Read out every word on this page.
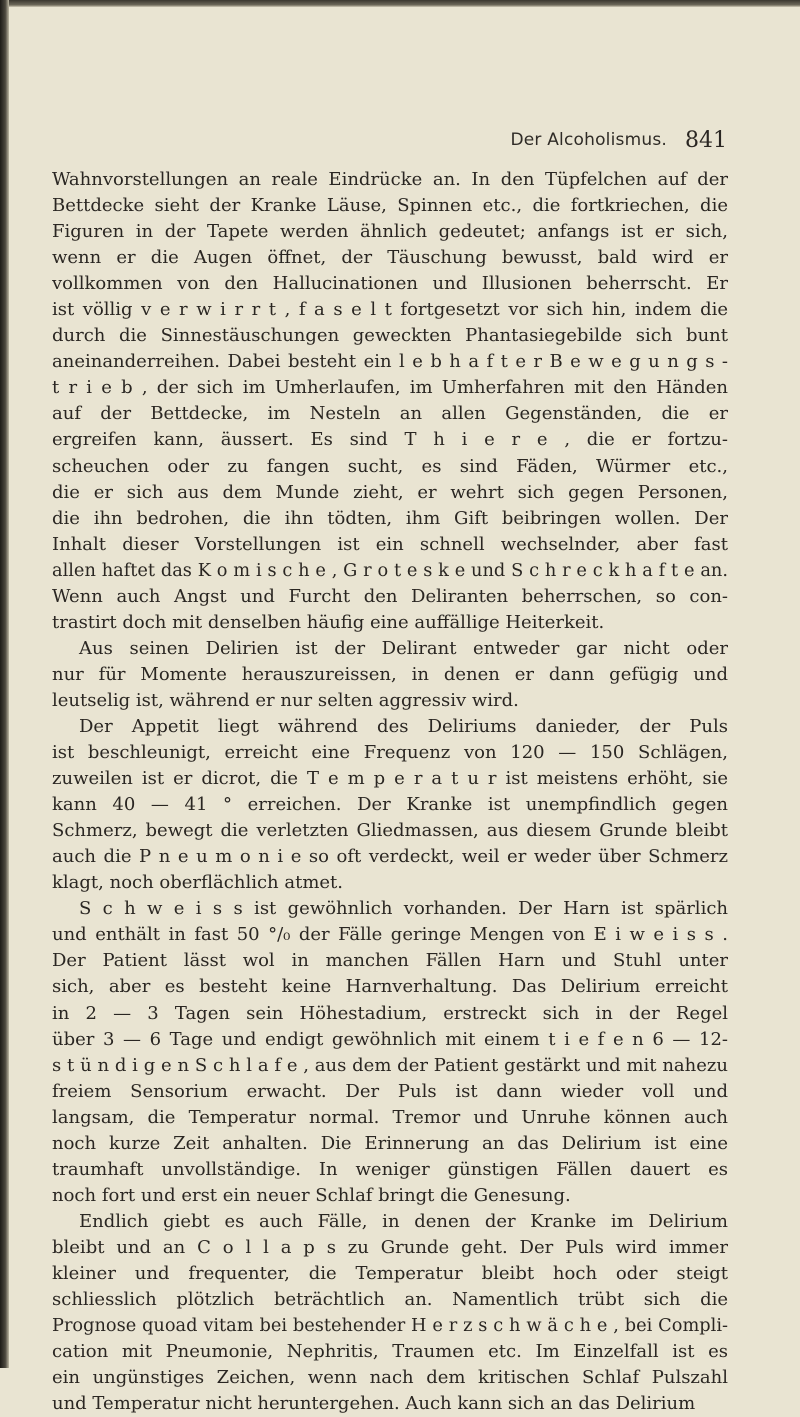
Der Alcoholismus. 841
Wahnvorstellungen an reale Eindrücke an. In den Tüpfelchen auf der
Bettdecke sieht der Kranke Läuse, Spinnen etc., die fortkriechen, die
Figuren in der Tapete werden ähnlich gedeutet; anfangs ist er sich,
wenn er die Augen öffnet, der Täuschung bewusst, bald wird er
vollkommen von den Hallucinationen und Illusionen beherrscht. Er
ist völlig v e r w i r r t , f a s e l t fortgesetzt vor sich hin, indem die
durch die Sinnestäuschungen geweckten Phantasiegebilde sich bunt
aneinanderreihen. Dabei besteht ein l e b h a f t e r B e w e g u n g s -
t r i e b , der sich im Umherlaufen, im Umherfahren mit den Händen
auf der Bettdecke, im Nesteln an allen Gegenständen, die er
ergreifen kann, äussert. Es sind T h i e r e , die er fortzu-
scheuchen oder zu fangen sucht, es sind Fäden, Würmer etc.,
die er sich aus dem Munde zieht, er wehrt sich gegen Personen,
die ihn bedrohen, die ihn tödten, ihm Gift beibringen wollen. Der
Inhalt dieser Vorstellungen ist ein schnell wechselnder, aber fast
allen haftet das K o m i s c h e , G r o t e s k e und S c h r e c k h a f t e an.
Wenn auch Angst und Furcht den Deliranten beherrschen, so con-
trastirt doch mit denselben häufig eine auffällige Heiterkeit.
Aus seinen Delirien ist der Delirant entweder gar nicht oder
nur für Momente herauszureissen, in denen er dann gefügig und
leutselig ist, während er nur selten aggressiv wird.
Der Appetit liegt während des Deliriums danieder, der Puls
ist beschleunigt, erreicht eine Frequenz von 120 — 150 Schlägen,
zuweilen ist er dicrot, die T e m p e r a t u r ist meistens erhöht, sie
kann 40 — 41 ° erreichen. Der Kranke ist unempfindlich gegen
Schmerz, bewegt die verletzten Gliedmassen, aus diesem Grunde bleibt
auch die P n e u m o n i e so oft verdeckt, weil er weder über Schmerz
klagt, noch oberflächlich atmet.
S c h w e i s s ist gewöhnlich vorhanden. Der Harn ist spärlich
und enthält in fast 50 °/₀ der Fälle geringe Mengen von E i w e i s s .
Der Patient lässt wol in manchen Fällen Harn und Stuhl unter
sich, aber es besteht keine Harnverhaltung. Das Delirium erreicht
in 2 — 3 Tagen sein Höhestadium, erstreckt sich in der Regel
über 3 — 6 Tage und endigt gewöhnlich mit einem t i e f e n 6 — 12-
s t ü n d i g e n S c h l a f e , aus dem der Patient gestärkt und mit nahezu
freiem Sensorium erwacht. Der Puls ist dann wieder voll und
langsam, die Temperatur normal. Tremor und Unruhe können auch
noch kurze Zeit anhalten. Die Erinnerung an das Delirium ist eine
traumhaft unvollständige. In weniger günstigen Fällen dauert es
noch fort und erst ein neuer Schlaf bringt die Genesung.
Endlich giebt es auch Fälle, in denen der Kranke im Delirium
bleibt und an C o l l a p s zu Grunde geht. Der Puls wird immer
kleiner und frequenter, die Temperatur bleibt hoch oder steigt
schliesslich plötzlich beträchtlich an. Namentlich trübt sich die
Prognose quoad vitam bei bestehender H e r z s c h w ä c h e , bei Compli-
cation mit Pneumonie, Nephritis, Traumen etc. Im Einzelfall ist es
ein ungünstiges Zeichen, wenn nach dem kritischen Schlaf Pulszahl
und Temperatur nicht heruntergehen. Auch kann sich an das Delirium
